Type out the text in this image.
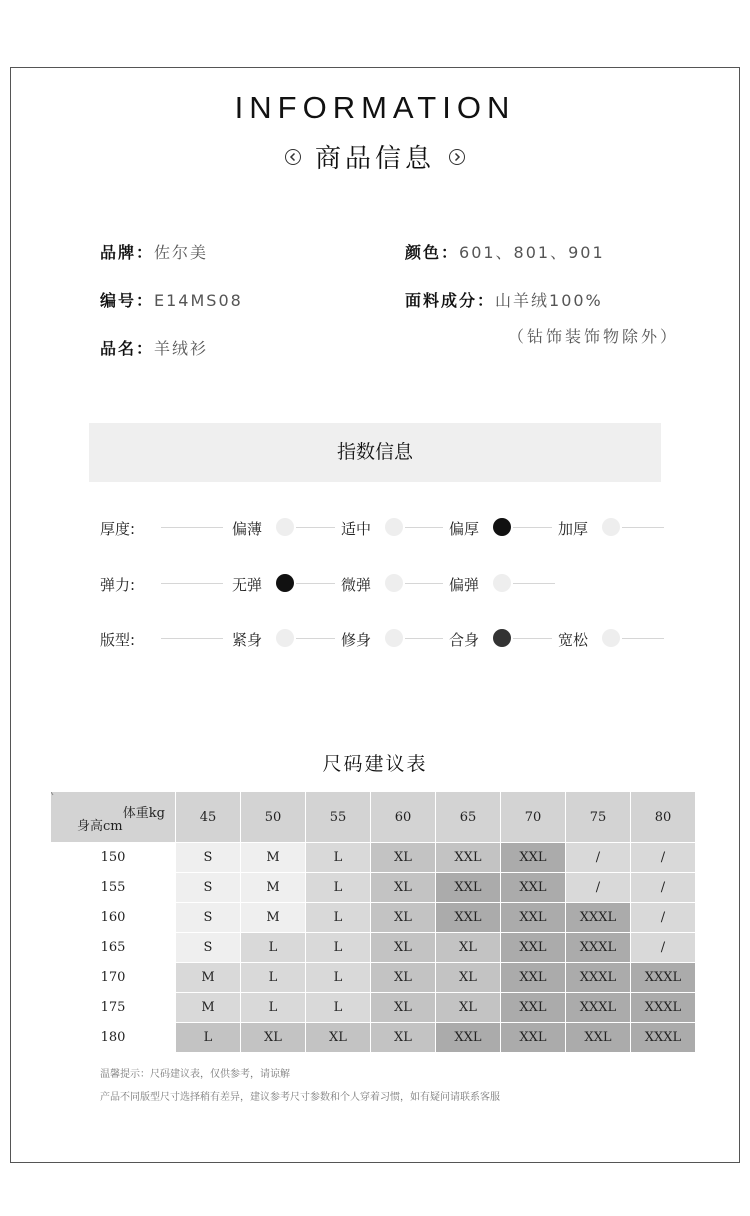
INFORMATION
商品信息
品牌：佐尔美	颜色：601、801、901
编号：E14MS08	面料成分：山羊绒100%
（钻饰装饰物除外）
品名：羊绒衫
指数信息
厚度:	偏薄	适中	偏厚	加厚
弹力:	无弹	微弹	偏弹
版型:	紧身	修身	合身	宽松
尺码建议表
体重kg
身高cm	45	50	55	60	65	70	75	80
150	S	M	L	XL	XXL	XXL	/	/
155	S	M	L	XL	XXL	XXL	/	/
160	S	M	L	XL	XXL	XXL	XXXL	/
165	S	L	L	XL	XL	XXL	XXXL	/
170	M	L	L	XL	XL	XXL	XXXL	XXXL
175	M	L	L	XL	XL	XXL	XXXL	XXXL
180	L	XL	XL	XL	XXL	XXL	XXL	XXXL
温馨提示：尺码建议表，仅供参考，请谅解
产品不同版型尺寸选择稍有差异，建议参考尺寸参数和个人穿着习惯，如有疑问请联系客服
